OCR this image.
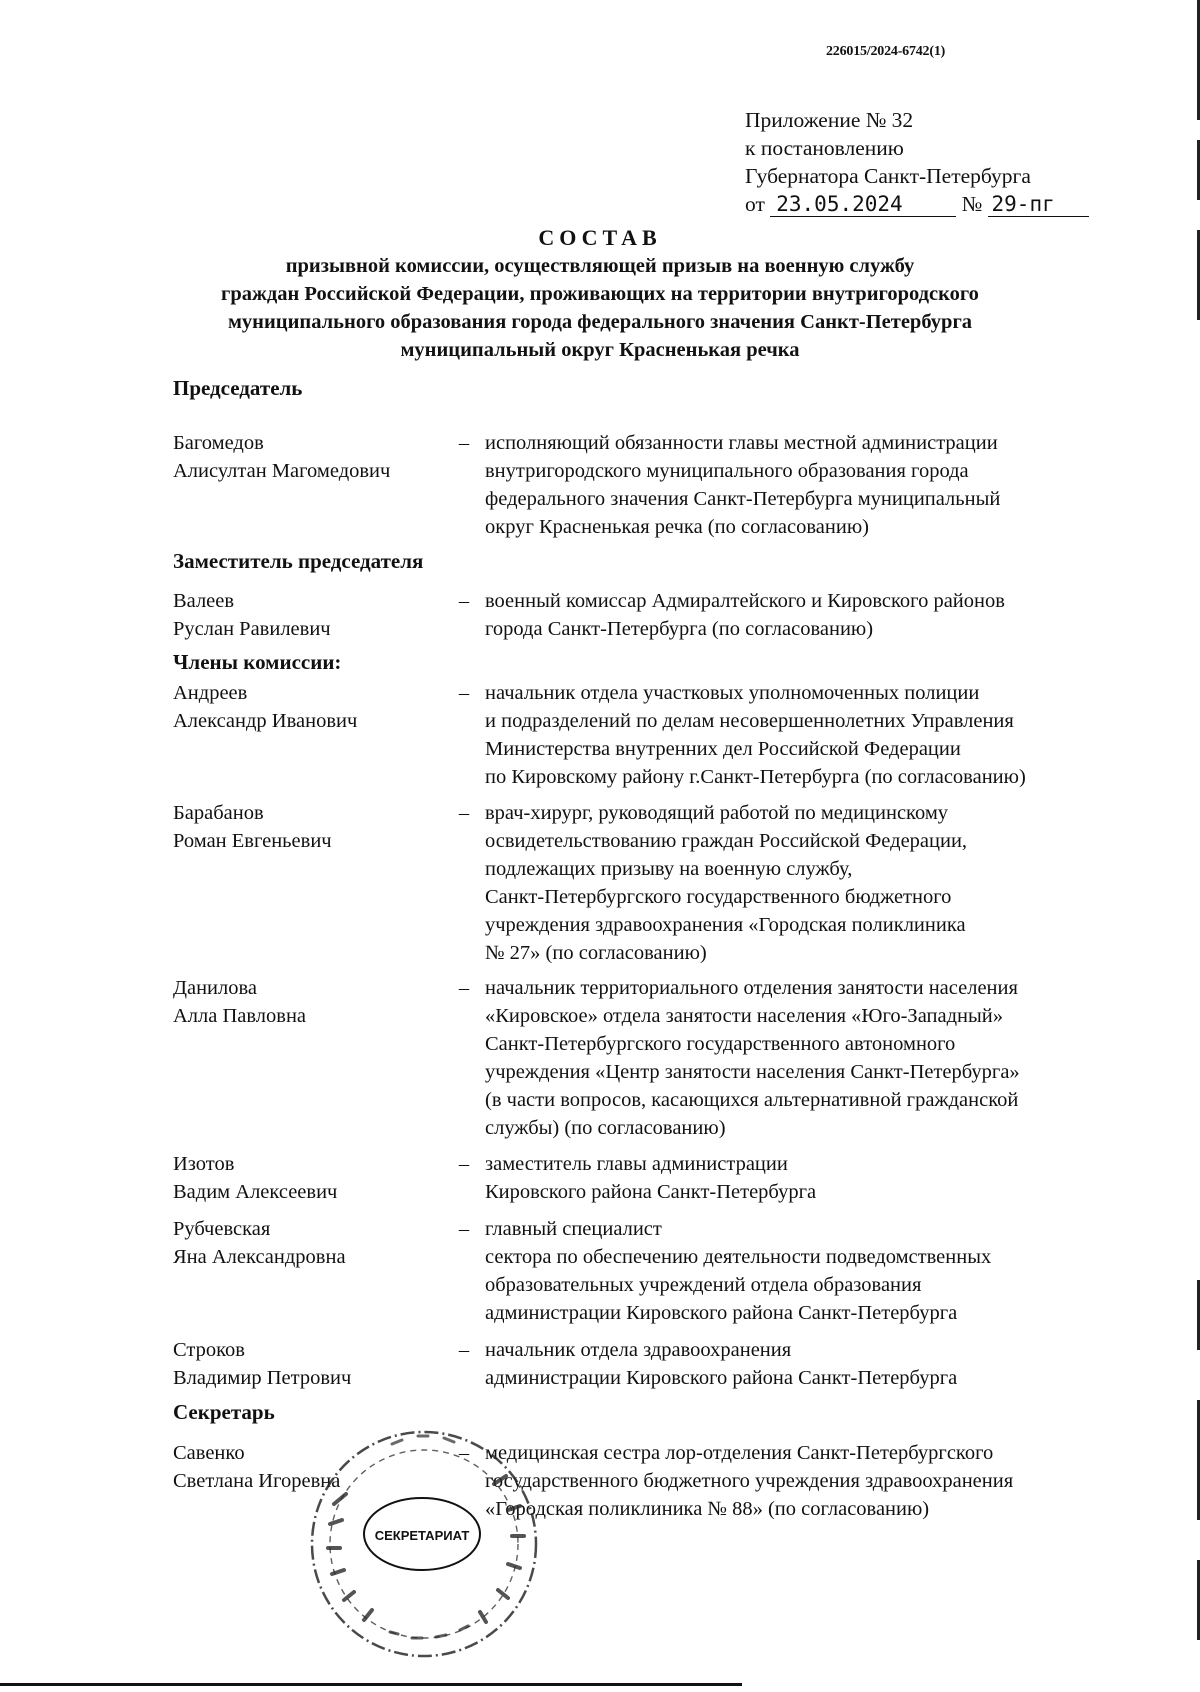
226015/2024-6742(1)
Приложение № 32
к постановлению
Губернатора Санкт-Петербурга
от 23.05.2024	№ 29-пг
СОСТАВ
призывной комиссии, осуществляющей призыв на военную службу
граждан Российской Федерации, проживающих на территории внутригородского
муниципального образования города федерального значения Санкт-Петербурга
муниципальный округ Красненькая речка
Председатель
Багомедов
Алисултан Магомедович
– исполняющий обязанности главы местной администрации
внутригородского муниципального образования города
федерального значения Санкт-Петербурга муниципальный
округ Красненькая речка (по согласованию)
Заместитель председателя
Валеев
Руслан Равилевич
– военный комиссар Адмиралтейского и Кировского районов
города Санкт-Петербурга (по согласованию)
Члены комиссии:
Андреев
Александр Иванович
– начальник отдела участковых уполномоченных полиции
и подразделений по делам несовершеннолетних Управления
Министерства внутренних дел Российской Федерации
по Кировскому району г.Санкт-Петербурга (по согласованию)
Барабанов
Роман Евгеньевич
– врач-хирург, руководящий работой по медицинскому
освидетельствованию граждан Российской Федерации,
подлежащих призыву на военную службу,
Санкт-Петербургского государственного бюджетного
учреждения здравоохранения «Городская поликлиника
№ 27» (по согласованию)
Данилова
Алла Павловна
– начальник территориального отделения занятости населения
«Кировское» отдела занятости населения «Юго-Западный»
Санкт-Петербургского государственного автономного
учреждения «Центр занятости населения Санкт-Петербурга»
(в части вопросов, касающихся альтернативной гражданской
службы) (по согласованию)
Изотов
Вадим Алексеевич
– заместитель главы администрации
Кировского района Санкт-Петербурга
Рубчевская
Яна Александровна
– главный специалист
сектора по обеспечению деятельности подведомственных
образовательных учреждений отдела образования
администрации Кировского района Санкт-Петербурга
Строков
Владимир Петрович
– начальник отдела здравоохранения
администрации Кировского района Санкт-Петербурга
Секретарь
Савенко
Светлана Игоревна
– медицинская сестра лор-отделения Санкт-Петербургского
государственного бюджетного учреждения здравоохранения
«Городская поликлиника № 88» (по согласованию)
СЕКРЕТАРИАТ
